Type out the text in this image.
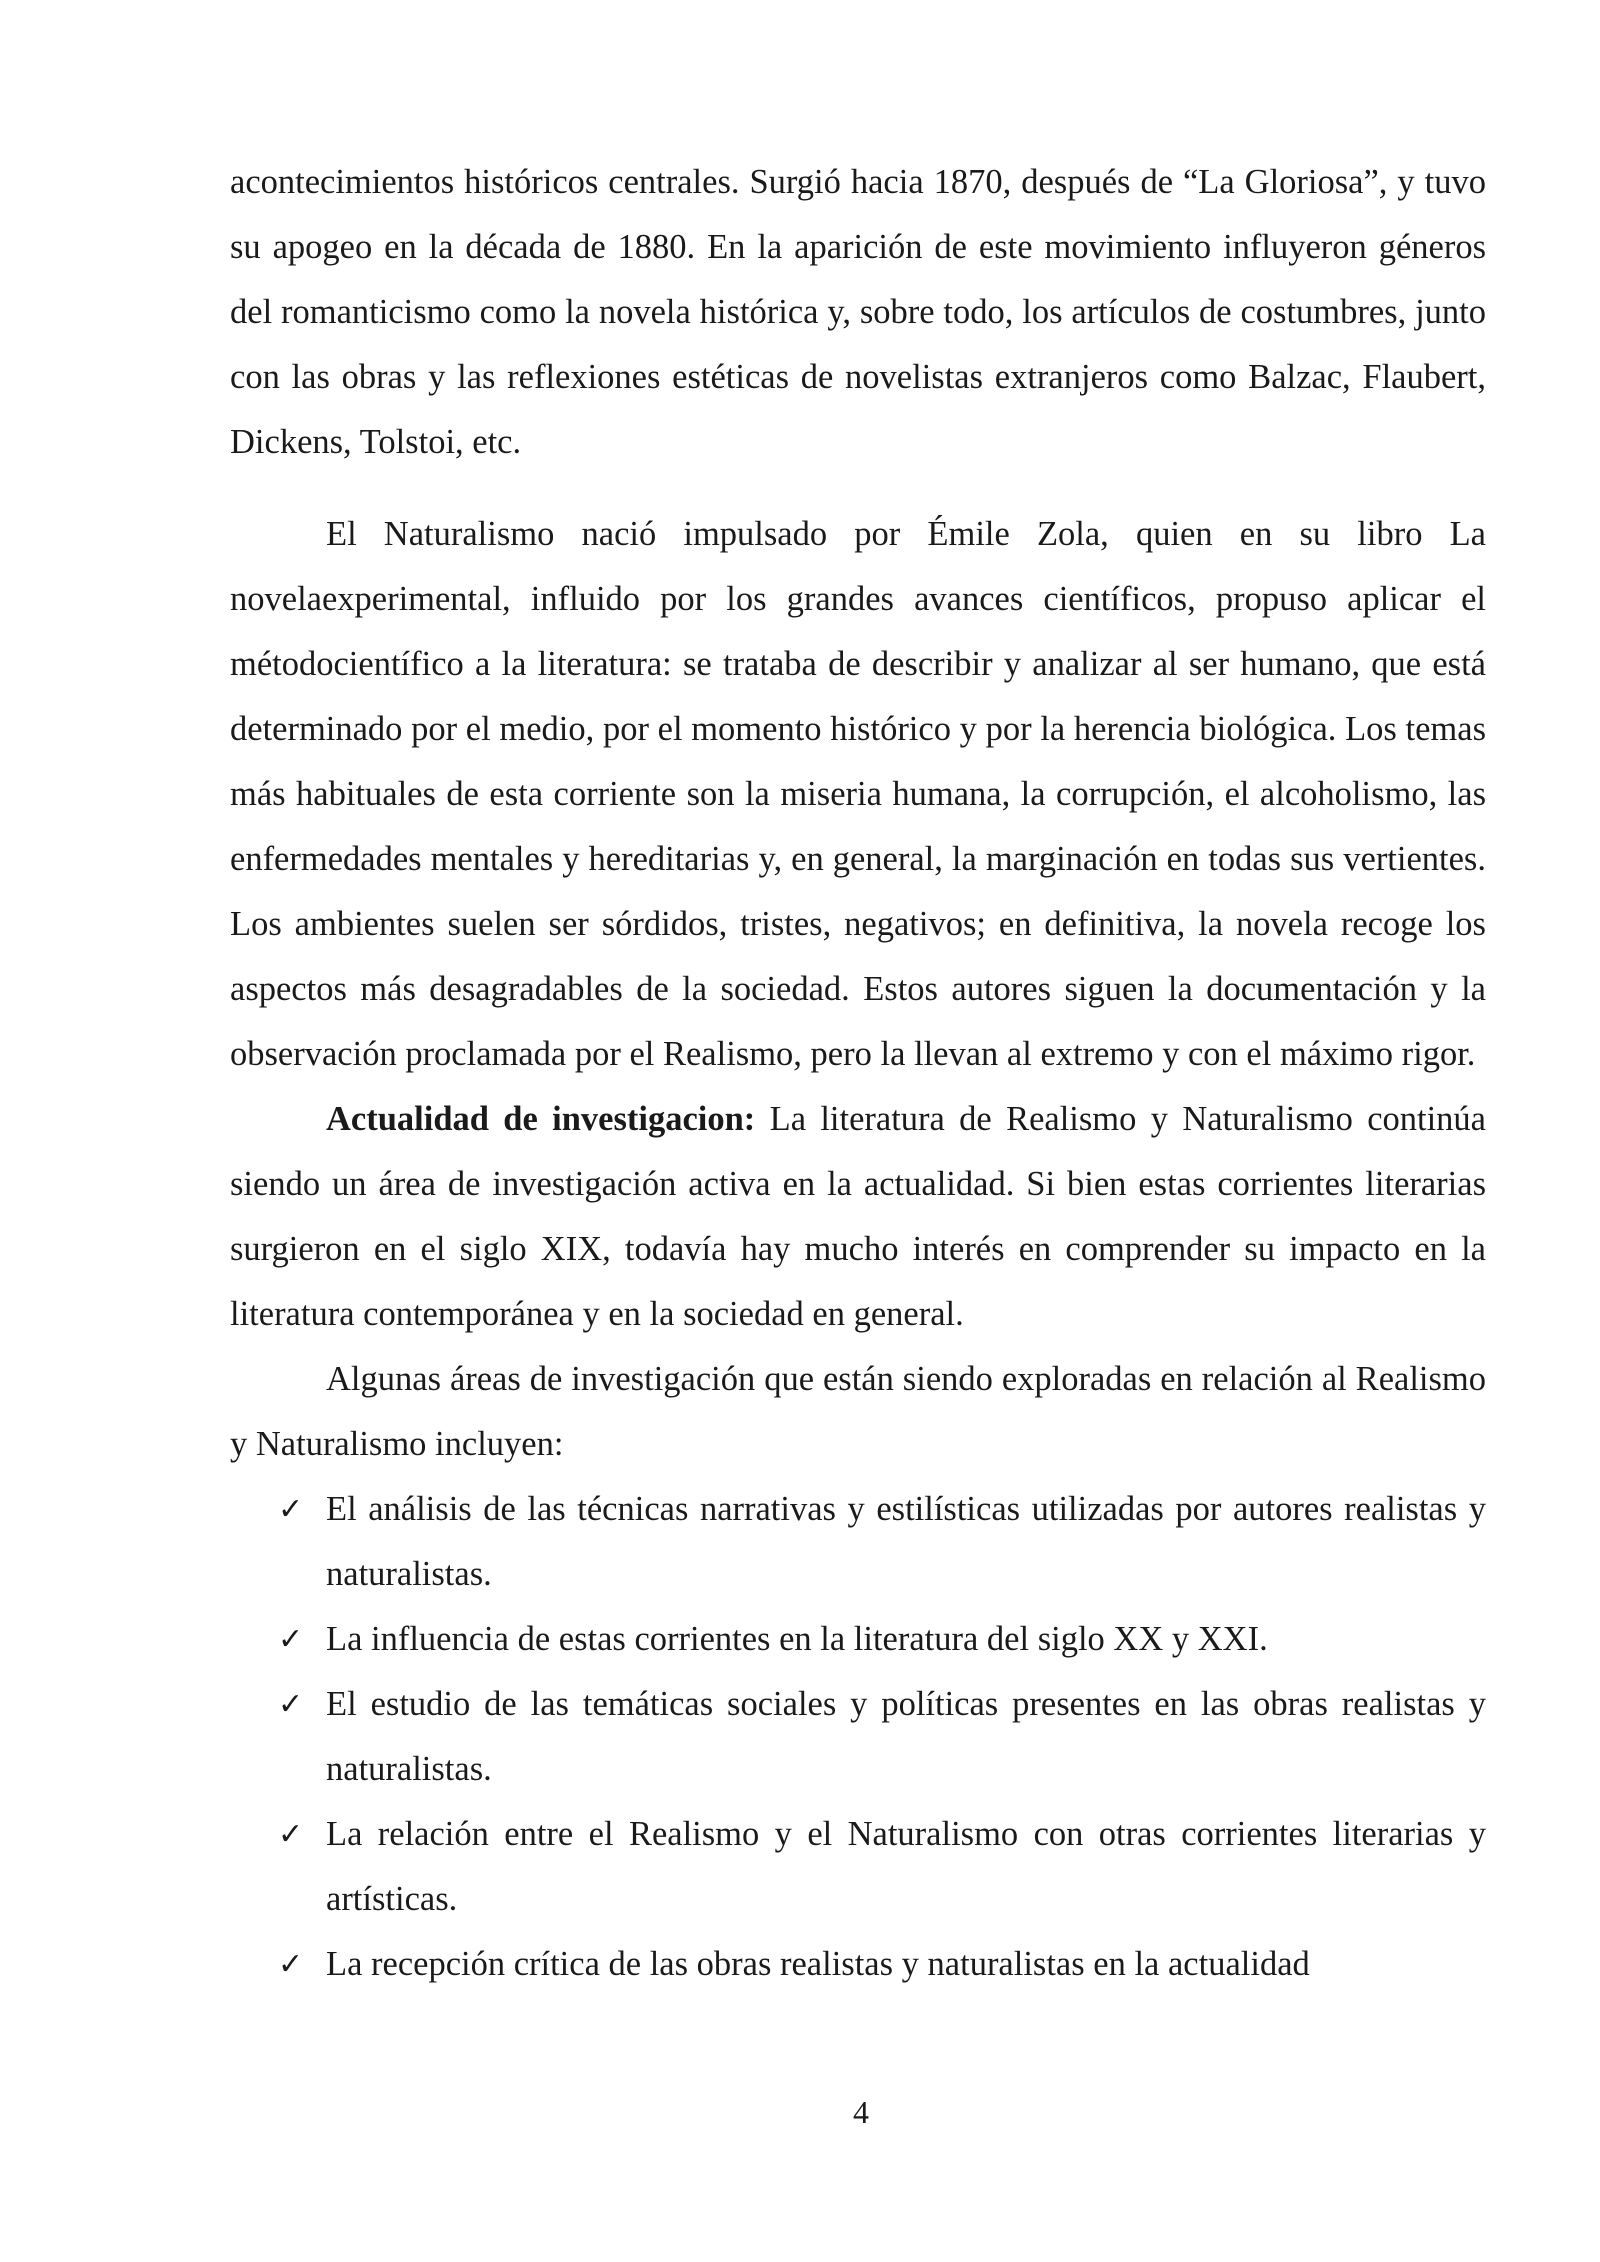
acontecimientos históricos centrales. Surgió hacia 1870, después de “La Gloriosa”, y tuvo su apogeo en la década de 1880. En la aparición de este movimiento influyeron géneros del romanticismo como la novela histórica y, sobre todo, los artículos de costumbres, junto con las obras y las reflexiones estéticas de novelistas extranjeros como Balzac, Flaubert, Dickens, Tolstoi, etc.

El Naturalismo nació impulsado por Émile Zola, quien en su libro La novelaexperimental, influido por los grandes avances científicos, propuso aplicar el métodocientífico a la literatura: se trataba de describir y analizar al ser humano, que está determinado por el medio, por el momento histórico y por la herencia biológica. Los temas más habituales de esta corriente son la miseria humana, la corrupción, el alcoholismo, las enfermedades mentales y hereditarias y, en general, la marginación en todas sus vertientes. Los ambientes suelen ser sórdidos, tristes, negativos; en definitiva, la novela recoge los aspectos más desagradables de la sociedad. Estos autores siguen la documentación y la observación proclamada por el Realismo, pero la llevan al extremo y con el máximo rigor.

Actualidad de investigacion: La literatura de Realismo y Naturalismo continúa siendo un área de investigación activa en la actualidad. Si bien estas corrientes literarias surgieron en el siglo XIX, todavía hay mucho interés en comprender su impacto en la literatura contemporánea y en la sociedad en general.

Algunas áreas de investigación que están siendo exploradas en relación al Realismo y Naturalismo incluyen:

✓ El análisis de las técnicas narrativas y estilísticas utilizadas por autores realistas y naturalistas.
✓ La influencia de estas corrientes en la literatura del siglo XX y XXI.
✓ El estudio de las temáticas sociales y políticas presentes en las obras realistas y naturalistas.
✓ La relación entre el Realismo y el Naturalismo con otras corrientes literarias y artísticas.
✓ La recepción crítica de las obras realistas y naturalistas en la actualidad
4
